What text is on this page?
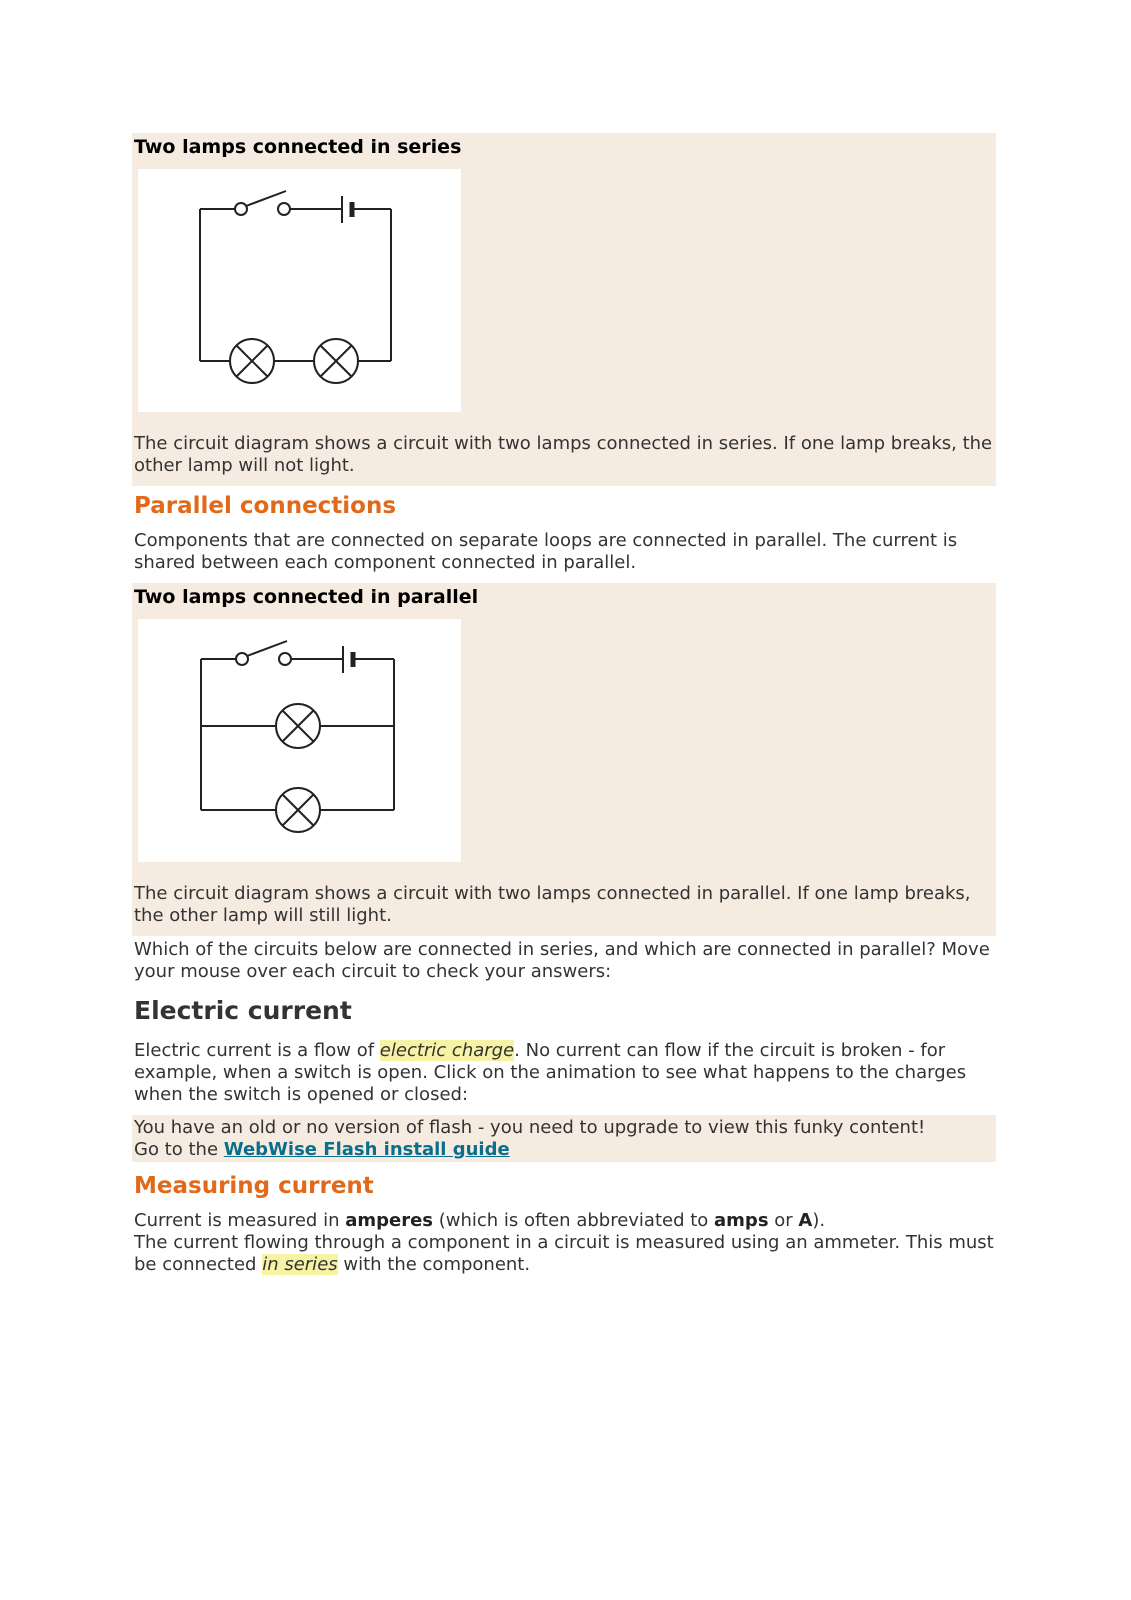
Two lamps connected in series

The circuit diagram shows a circuit with two lamps connected in series. If one lamp breaks, the other lamp will not light.

Parallel connections

Components that are connected on separate loops are connected in parallel. The current is shared between each component connected in parallel.

Two lamps connected in parallel

The circuit diagram shows a circuit with two lamps connected in parallel. If one lamp breaks, the other lamp will still light.

Which of the circuits below are connected in series, and which are connected in parallel? Move your mouse over each circuit to check your answers:

Electric current

Electric current is a flow of electric charge. No current can flow if the circuit is broken - for example, when a switch is open. Click on the animation to see what happens to the charges when the switch is opened or closed:

You have an old or no version of flash - you need to upgrade to view this funky content!
Go to the WebWise Flash install guide
Measuring current

Current is measured in amperes (which is often abbreviated to amps or A).

The current flowing through a component in a circuit is measured using an ammeter. This must be connected in series with the component.
